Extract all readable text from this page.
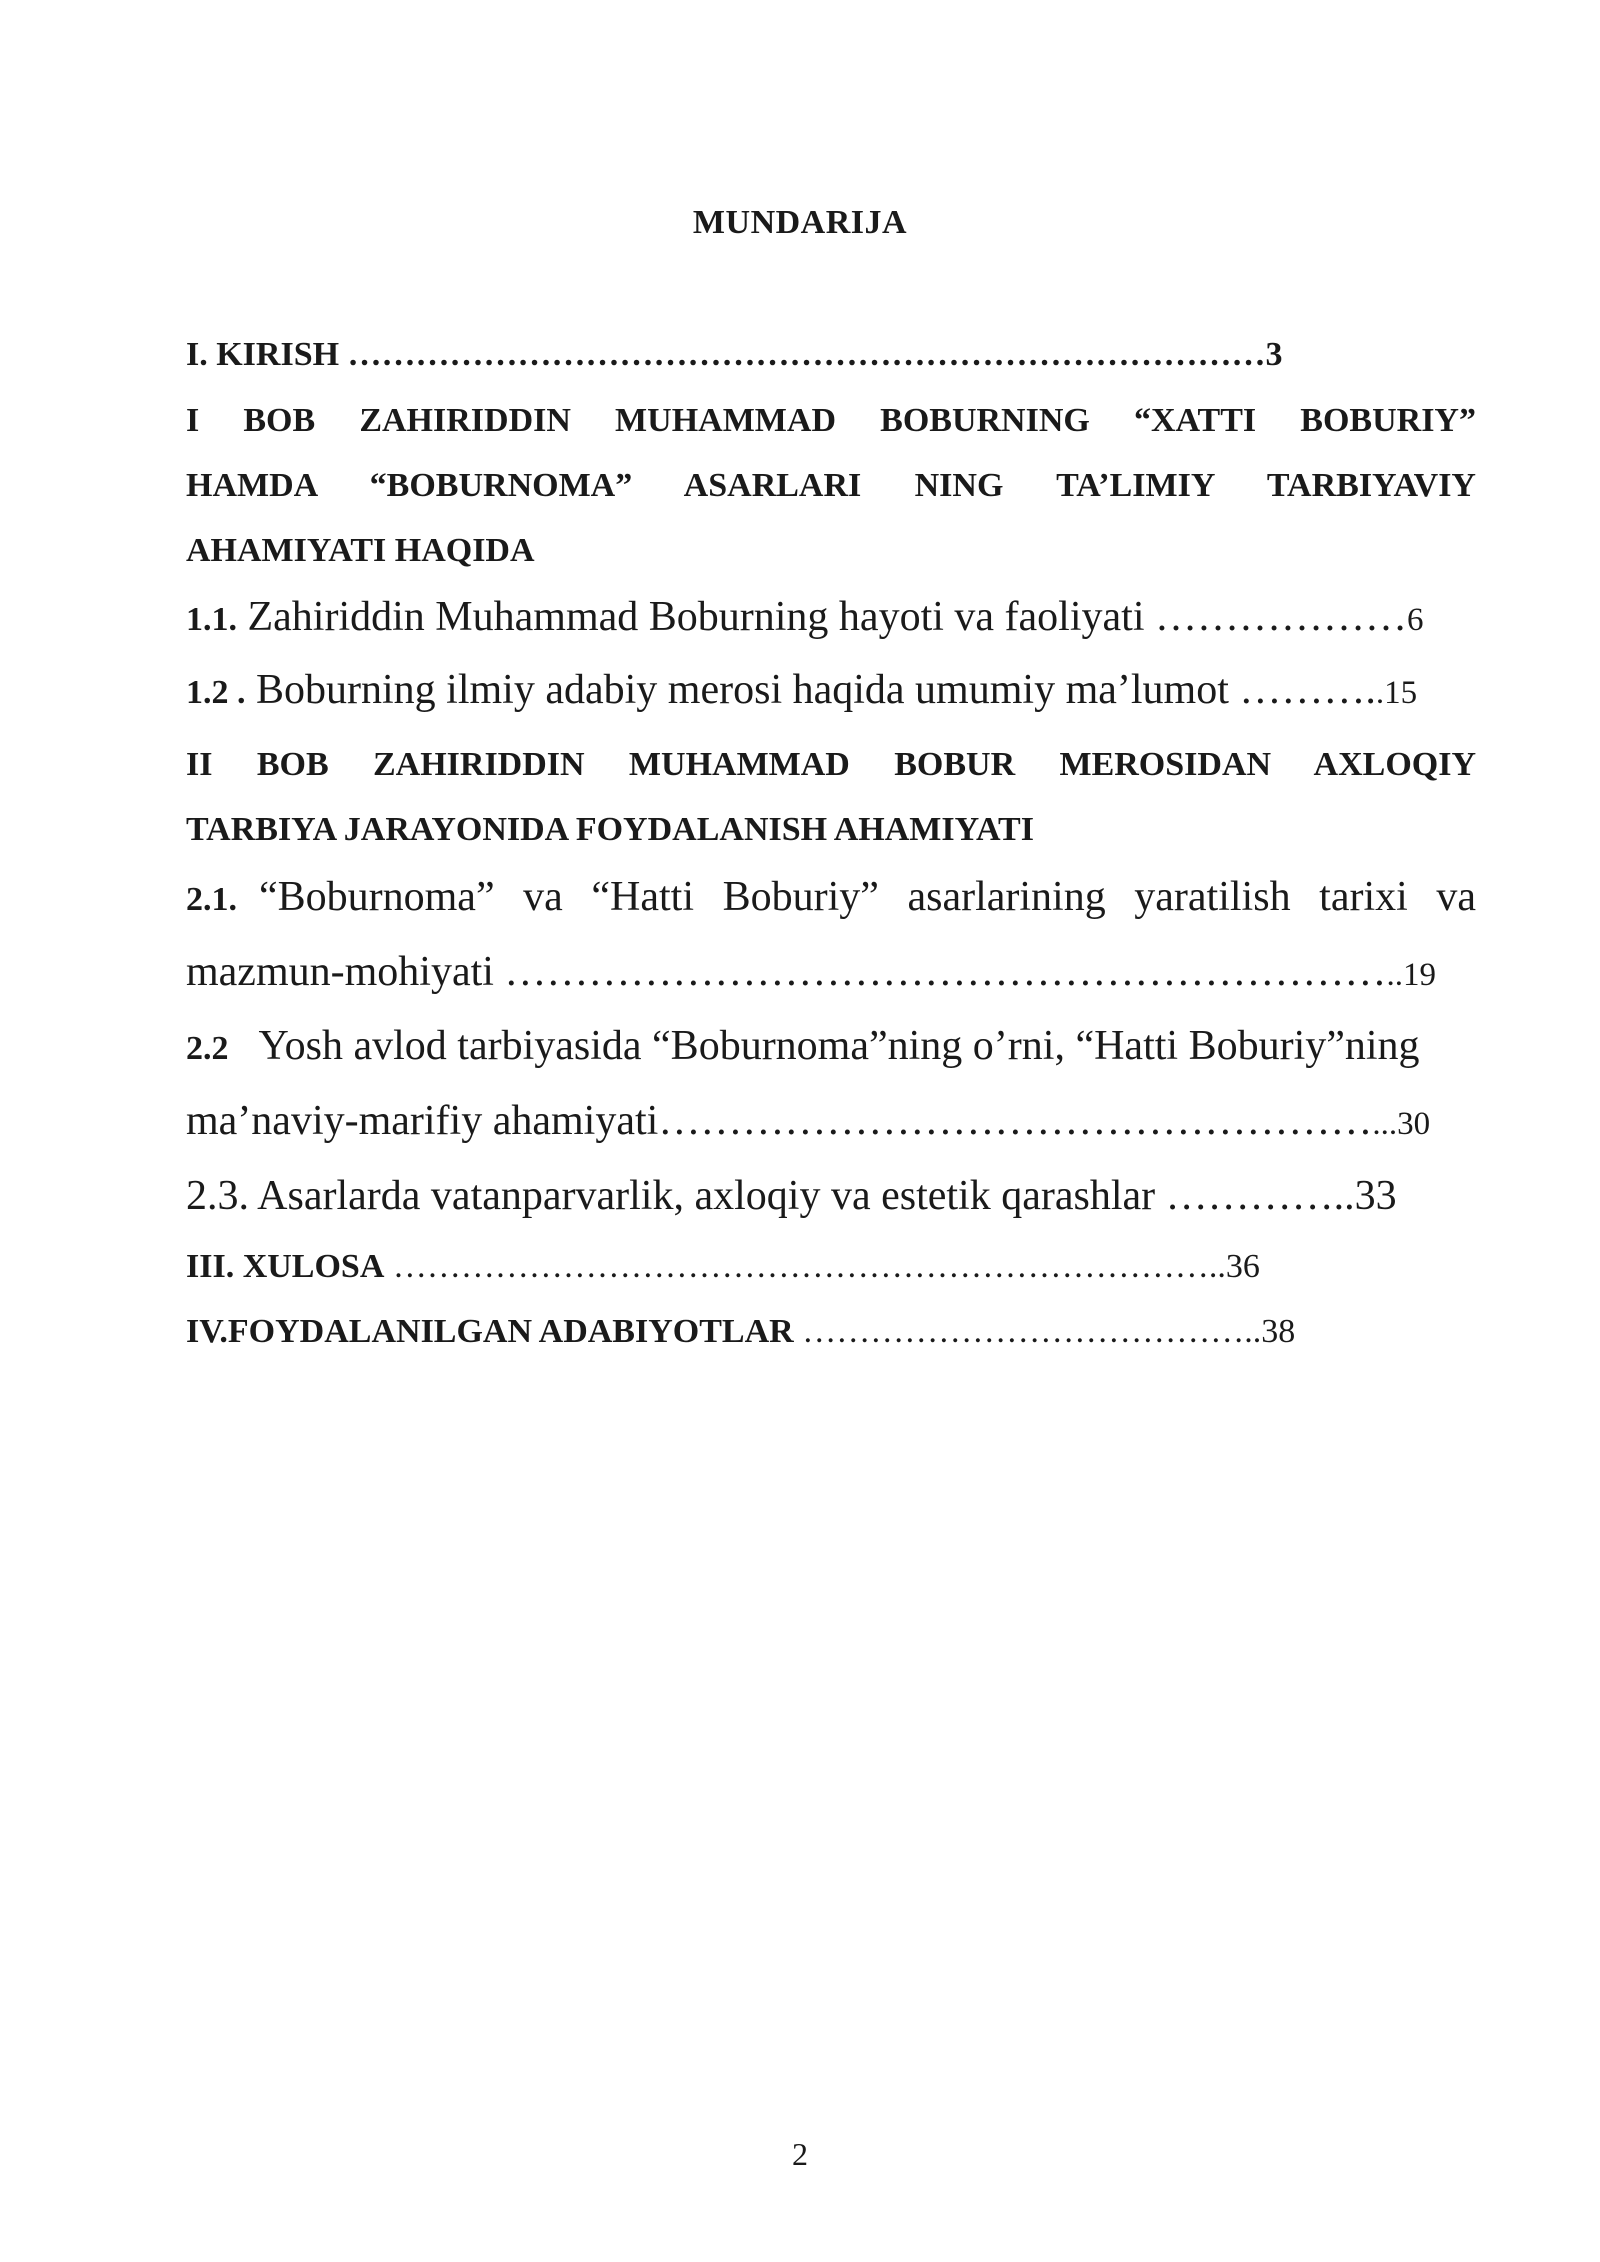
MUNDARIJA
I. KIRISH ………………………………………………………………………3
I BOB ZAHIRIDDIN MUHAMMAD BOBURNING “XATTI BOBURIY”
HAMDA “BOBURNOMA” ASARLARI NING TA’LIMIY TARBIYAVIY
AHAMIYATI HAQIDA
1.1. Zahiriddin Muhammad Boburning hayoti va faoliyati ………………6
1.2 . Boburning ilmiy adabiy merosi haqida umumiy ma’lumot ………..15
II BOB ZAHIRIDDIN MUHAMMAD BOBUR MEROSIDAN AXLOQIY
TARBIYA JARAYONIDA FOYDALANISH AHAMIYATI
2.1. “Boburnoma” va “Hatti Boburiy” asarlarining yaratilish tarixi va
mazmun-mohiyati ………………………………………………………..19
2.2 Yosh avlod tarbiyasida “Boburnoma”ning o’rni, “Hatti Boburiy”ning
ma’naviy-marifiy ahamiyati……………………………………………...30
2.3. Asarlarda vatanparvarlik, axloqiy va estetik qarashlar …………..33
III. XULOSA ………………………………………………………………..36
IV.FOYDALANILGAN ADABIYOTLAR …………………………………..38
2
